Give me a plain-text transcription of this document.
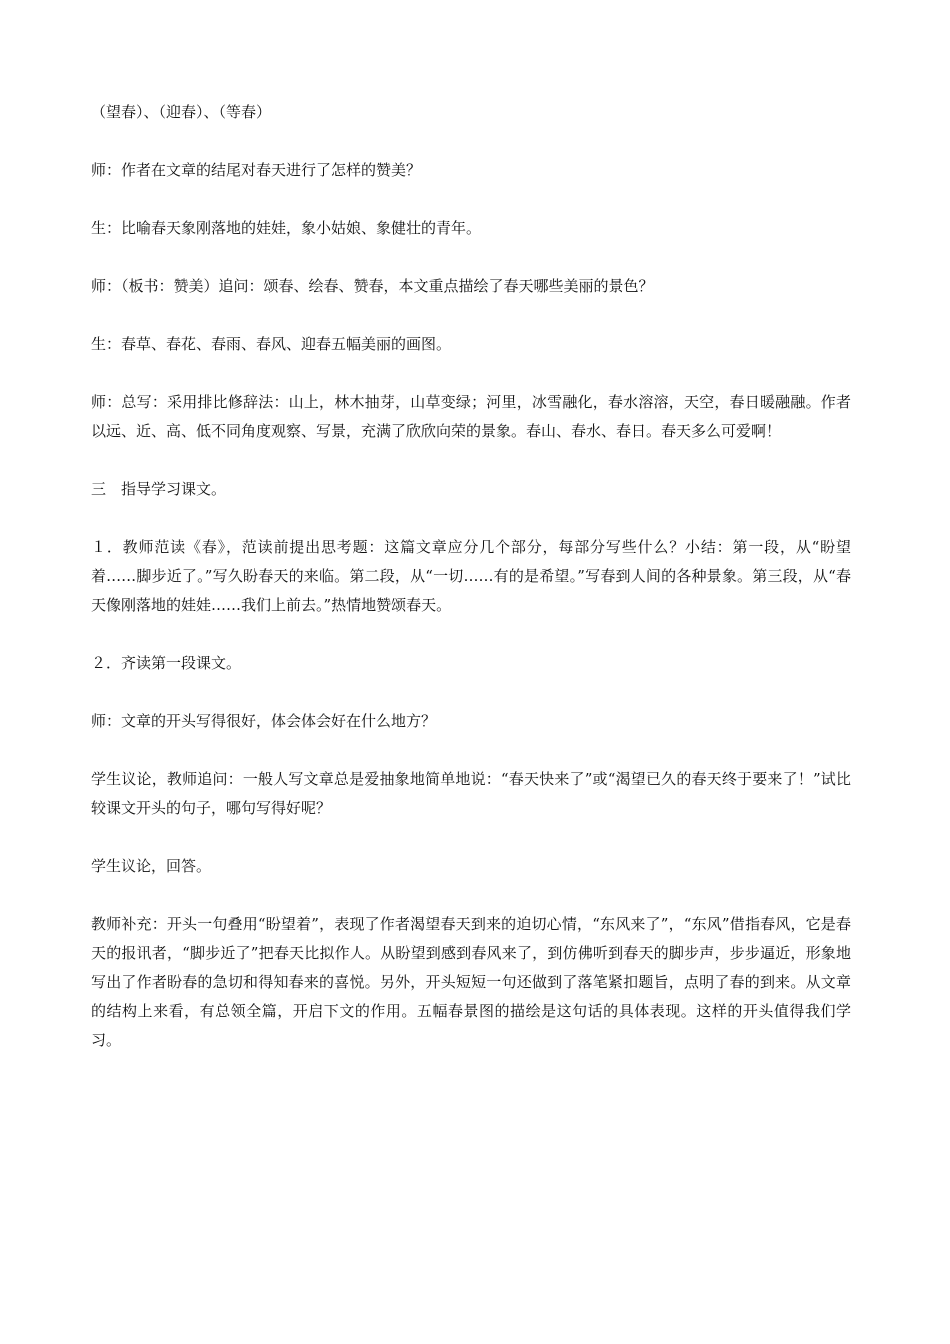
（望春）、（迎春）、（等春）

师：作者在文章的结尾对春天进行了怎样的赞美？

生：比喻春天象刚落地的娃娃，象小姑娘、象健壮的青年。

师：（板书：赞美）追问：颂春、绘春、赞春，本文重点描绘了春天哪些美丽的景色？

生：春草、春花、春雨、春风、迎春五幅美丽的画图。

师：总写：采用排比修辞法：山上，林木抽芽，山草变绿；河里，冰雪融化，春水溶溶，天空，春日暖融融。作者以远、近、高、低不同角度观察、写景，充满了欣欣向荣的景象。春山、春水、春日。春天多么可爱啊！

三　指导学习课文。

１．教师范读《春》，范读前提出思考题：这篇文章应分几个部分，每部分写些什么？小结：第一段，从“盼望着……脚步近了。”写久盼春天的来临。第二段，从“一切……有的是希望。”写春到人间的各种景象。第三段，从“春天像刚落地的娃娃……我们上前去。”热情地赞颂春天。

２．齐读第一段课文。

师：文章的开头写得很好，体会体会好在什么地方？

学生议论，教师追问：一般人写文章总是爱抽象地简单地说：“春天快来了”或“渴望已久的春天终于要来了！”试比较课文开头的句子，哪句写得好呢？

学生议论，回答。

教师补充：开头一句叠用“盼望着”，表现了作者渴望春天到来的迫切心情，“东风来了”，“东风”借指春风，它是春天的报讯者，“脚步近了”把春天比拟作人。从盼望到感到春风来了，到仿佛听到春天的脚步声，步步逼近，形象地写出了作者盼春的急切和得知春来的喜悦。另外，开头短短一句还做到了落笔紧扣题旨，点明了春的到来。从文章的结构上来看，有总领全篇，开启下文的作用。五幅春景图的描绘是这句话的具体表现。这样的开头值得我们学习。
